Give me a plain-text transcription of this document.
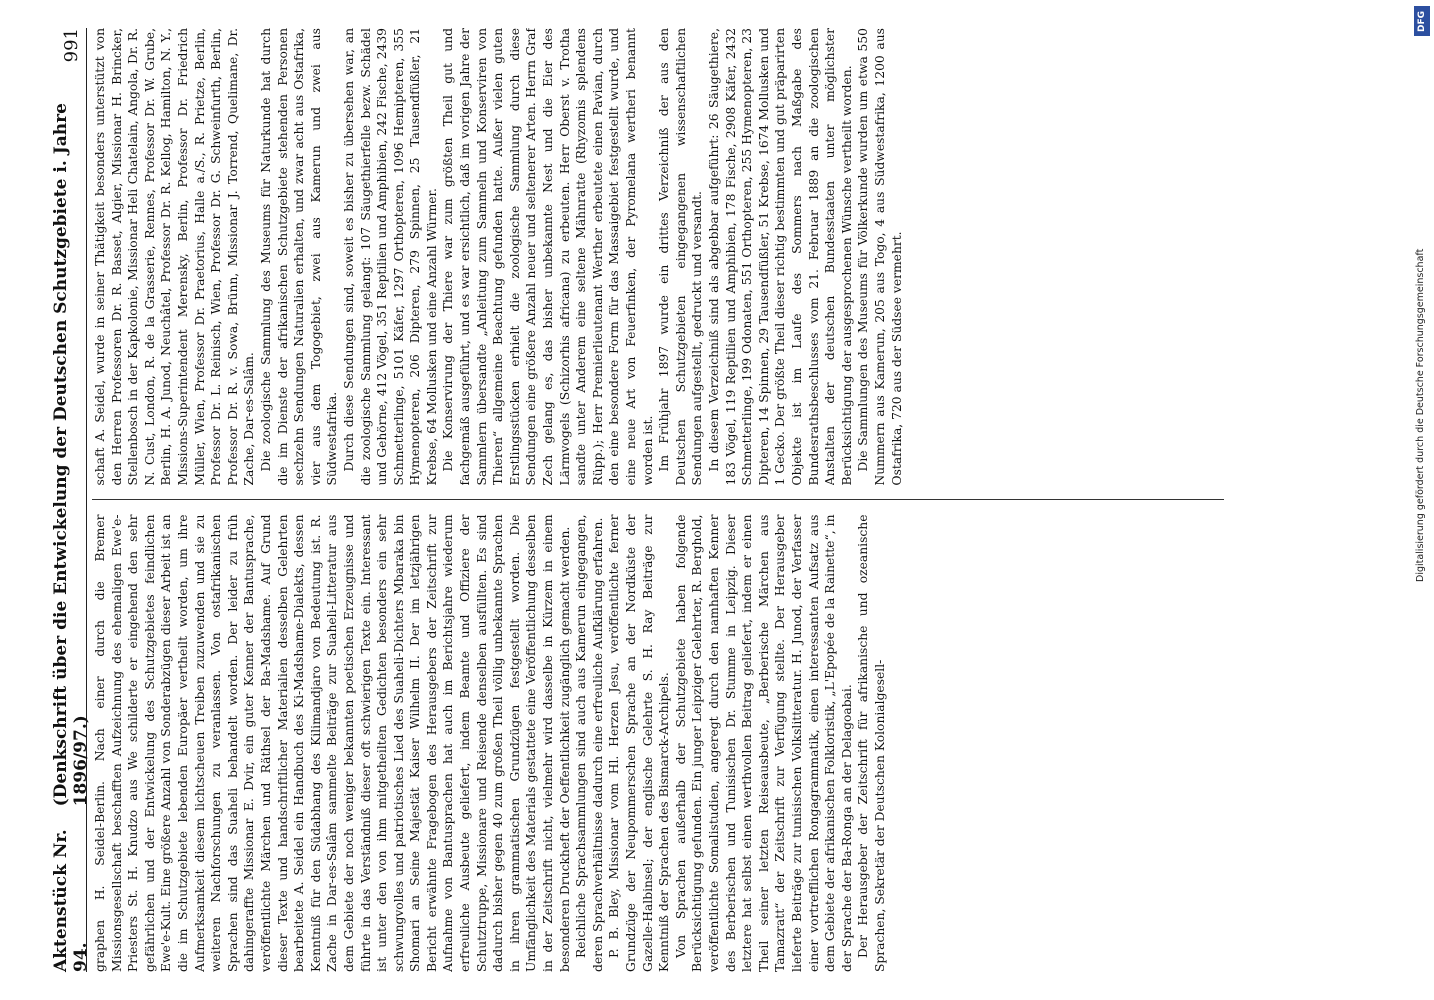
Aktenstück Nr. 94.
(Denkschrift über die Entwickelung der Deutschen Schutzgebiete i. Jahre 1896/97.)
991

graphen H. Seidel-Berlin. Nach einer durch die Bremer Missionsgesellschaft beschafften Aufzeichnung des ehemaligen Ewe'e-Priesters St. H. Knudzo aus We schilderte er eingehend den sehr gefährlichen und der Entwickelung des Schutzgebietes feindlichen Ewe'e-Kult. Eine größere Anzahl von Sonderabzügen dieser Arbeit ist an die im Schutzgebiete lebenden Europäer vertheilt worden, um ihre Aufmerksamkeit diesem lichtscheuen Treiben zuzuwenden und sie zu weiteren Nachforschungen zu veranlassen. Von ostafrikanischen Sprachen sind das Suaheli behandelt worden. Der leider zu früh dahingeraffte Missionar E. Dvir, ein guter Kenner der Bantusprache, veröffentlichte Märchen und Räthsel der Ba-Madshame. Auf Grund dieser Texte und handschriftlicher Materialien desselben Gelehrten bearbeitete A. Seidel ein Handbuch des Ki-Madshame-Dialekts, dessen Kenntniß für den Südabhang des Kilimandjaro von Bedeutung ist. R. Zache in Dar-es-Salâm sammelte Beiträge zur Suaheli-Litteratur aus dem Gebiete der noch weniger bekannten poetischen Erzeugnisse und führte in das Verständniß dieser oft schwierigen Texte ein. Interessant ist unter den von ihm mitgetheilten Gedichten besonders ein sehr schwungvolles und patriotisches Lied des Suaheli-Dichters Mbaraka bin Shomari an Seine Majestät Kaiser Wilhelm II. Der im letzjährigen Bericht erwähnte Fragebogen des Herausgebers der Zeitschrift zur Aufnahme von Bantusprachen hat auch im Berichtsjahre wiederum erfreuliche Ausbeute geliefert, indem Beamte und Offiziere der Schutztruppe, Missionare und Reisende denselben ausfüllten. Es sind dadurch bisher gegen 40 zum großen Theil völlig unbekannte Sprachen in ihren grammatischen Grundzügen festgestellt worden. Die Umfänglichkeit des Materials gestattete eine Veröffentlichung desselben in der Zeitschrift nicht, vielmehr wird dasselbe in Kürzem in einem besonderen Druckheft der Oeffentlichkeit zugänglich gemacht werden. Reichliche Sprachsammlungen sind auch aus Kamerun eingegangen, deren Sprachverhältnisse dadurch eine erfreuliche Aufklärung erfahren. P. B. Bley, Missionar vom Hl. Herzen Jesu, veröffentlichte ferner Grundzüge der Neupommerschen Sprache an der Nordküste der Gazelle-Halbinsel; der englische Gelehrte S. H. Ray Beiträge zur Kenntniß der Sprachen des Bismarck-Archipels. Von Sprachen außerhalb der Schutzgebiete haben folgende Berücksichtigung gefunden. Ein junger Leipziger Gelehrter, R. Berghold, veröffentlichte Somalistudien, angeregt durch den namhaften Kenner des Berberischen und Tunisischen Dr. Stumme in Leipzig. Dieser letztere hat selbst einen werthvollen Beitrag geliefert, indem er einen Theil seiner letzten Reiseausbeute, „Berberische Märchen aus Tamazratt“ der Zeitschrift zur Verfügung stellte. Der Herausgeber lieferte Beiträge zur tunisischen Volkslitteratur. H. Junod, der Verfasser einer vortrefflichen Rongagrammatik, einen interessanten Aufsatz aus dem Gebiete der afrikanischen Folkloristik, „L'Epopée de la Rainette“, in der Sprache der Ba-Ronga an der Delagoabai. Der Herausgeber der Zeitschrift für afrikanische und ozeanische Sprachen, Sekretär der Deutschen Kolonialgesell-

schaft A. Seidel, wurde in seiner Thätigkeit besonders unterstützt von den Herren Professoren Dr. R. Basset, Algier, Missionar H. Brincker, Stellenbosch in der Kapkolonie, Missionar Heli Chatelain, Angola, Dr. R. N. Cust, London, R. de la Grasserie, Rennes, Professor Dr. W. Grube, Berlin, H. A. Junod, Neuchâtel, Professor Dr. R. Kellog, Hamilton, N. Y., Missions-Superintendent Merensky, Berlin, Professor Dr. Friedrich Müller, Wien, Professor Dr. Praetorius, Halle a./S., R. Prietze, Berlin, Professor Dr. L. Reinisch, Wien, Professor Dr. G. Schweinfurth, Berlin, Professor Dr. R. v. Sowa, Brünn, Missionar J. Torrend, Quelimane, Dr. Zache, Dar-es-Salâm. Die zoologische Sammlung des Museums für Naturkunde hat durch die im Dienste der afrikanischen Schutzgebiete stehenden Personen sechzehn Sendungen Naturalien erhalten, und zwar acht aus Ostafrika, vier aus dem Togogebiet, zwei aus Kamerun und zwei aus Südwestafrika. Durch diese Sendungen sind, soweit es bisher zu übersehen war, an die zoologische Sammlung gelangt: 107 Säugethierfelle bezw. Schädel und Gehörne, 412 Vögel, 351 Reptilien und Amphibien, 242 Fische, 2439 Schmetterlinge, 5101 Käfer, 1297 Orthopteren, 1096 Hemipteren, 355 Hymenopteren, 206 Dipteren, 279 Spinnen, 25 Tausendfüßler, 21 Krebse, 64 Mollusken und eine Anzahl Würmer. Die Konservirung der Thiere war zum größten Theil gut und fachgemäß ausgeführt, und es war ersichtlich, daß im vorigen Jahre der Sammlern übersandte „Anleitung zum Sammeln und Konserviren von Thieren“ allgemeine Beachtung gefunden hatte. Außer vielen guten Erstlingsstücken erhielt die zoologische Sammlung durch diese Sendungen eine größere Anzahl neuer und seltenerer Arten. Herrn Graf Zech gelang es, das bisher unbekannte Nest und die Eier des Lärmvogels (Schizorhis africana) zu erbeuten. Herr Oberst v. Trotha sandte unter Anderem eine seltene Mähnratte (Rhyzomis splendens Rüpp.); Herr Premierlieutenant Werther erbeutete einen Pavian, durch den eine besondere Form für das Massaigebiet festgestellt wurde, und eine neue Art von Feuerfinken, der Pyromelana wertheri benannt worden ist. Im Frühjahr 1897 wurde ein drittes Verzeichniß der aus den Deutschen Schutzgebieten eingegangenen wissenschaftlichen Sendungen aufgestellt, gedruckt und versandt. In diesem Verzeichniß sind als abgebbar aufgeführt: 26 Säugethiere, 183 Vögel, 119 Reptilien und Amphibien, 178 Fische, 2908 Käfer, 2432 Schmetterlinge, 199 Odonaten, 551 Orthopteren, 255 Hymenopteren, 23 Dipteren, 14 Spinnen, 29 Tausendfüßler, 51 Krebse, 1674 Mollusken und 1 Gecko. Der größte Theil dieser richtig bestimmten und gut präparirten Objekte ist im Laufe des Sommers nach Maßgabe des Bundesrathsbeschlusses vom 21. Februar 1889 an die zoologischen Anstalten der deutschen Bundesstaaten unter möglichster Berücksichtigung der ausgesprochenen Wünsche vertheilt worden. Die Sammlungen des Museums für Völkerkunde wurden um etwa 550 Nummern aus Kamerun, 205 aus Togo, 4 aus Südwestafrika, 1200 aus Ostafrika, 720 aus der Südsee vermehrt.

DFG
Digitalisierung gefördert durch die Deutsche Forschungsgemeinschaft
